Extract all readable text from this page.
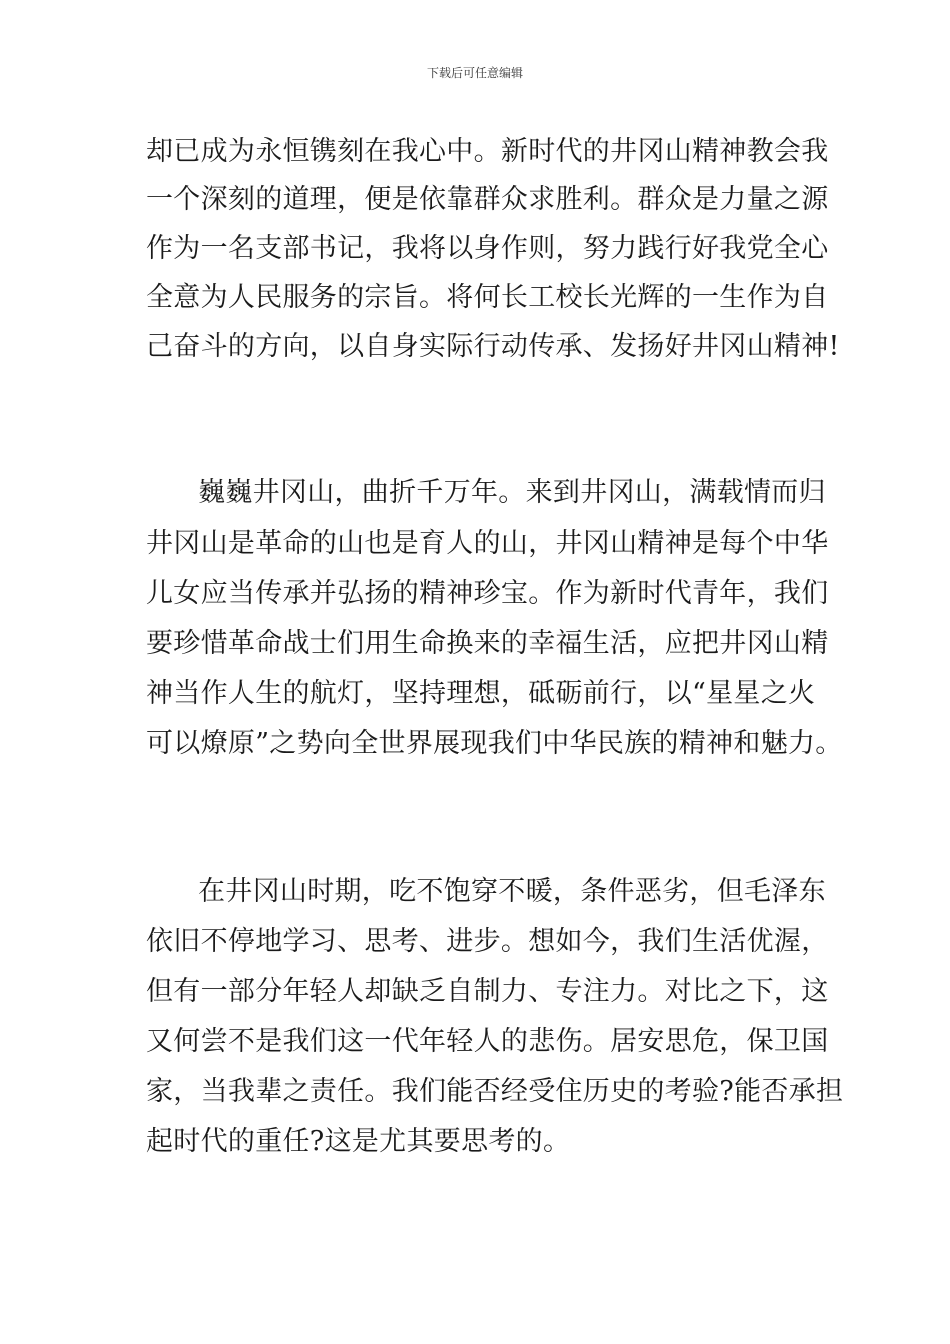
下载后可任意编辑
却已成为永恒镌刻在我心中。新时代的井冈山精神教会我
一个深刻的道理，便是依靠群众求胜利。群众是力量之源
作为一名支部书记，我将以身作则，努力践行好我党全心
全意为人民服务的宗旨。将何长工校长光辉的一生作为自
己奋斗的方向，以自身实际行动传承、发扬好井冈山精神!
巍巍井冈山，曲折千万年。来到井冈山，满载情而归
井冈山是革命的山也是育人的山，井冈山精神是每个中华
儿女应当传承并弘扬的精神珍宝。作为新时代青年，我们
要珍惜革命战士们用生命换来的幸福生活，应把井冈山精
神当作人生的航灯，坚持理想，砥砺前行，以“星星之火
可以燎原”之势向全世界展现我们中华民族的精神和魅力。
在井冈山时期，吃不饱穿不暖，条件恶劣，但毛泽东
依旧不停地学习、思考、进步。想如今，我们生活优渥，
但有一部分年轻人却缺乏自制力、专注力。对比之下，这
又何尝不是我们这一代年轻人的悲伤。居安思危，保卫国
家，当我辈之责任。我们能否经受住历史的考验?能否承担
起时代的重任?这是尤其要思考的。
